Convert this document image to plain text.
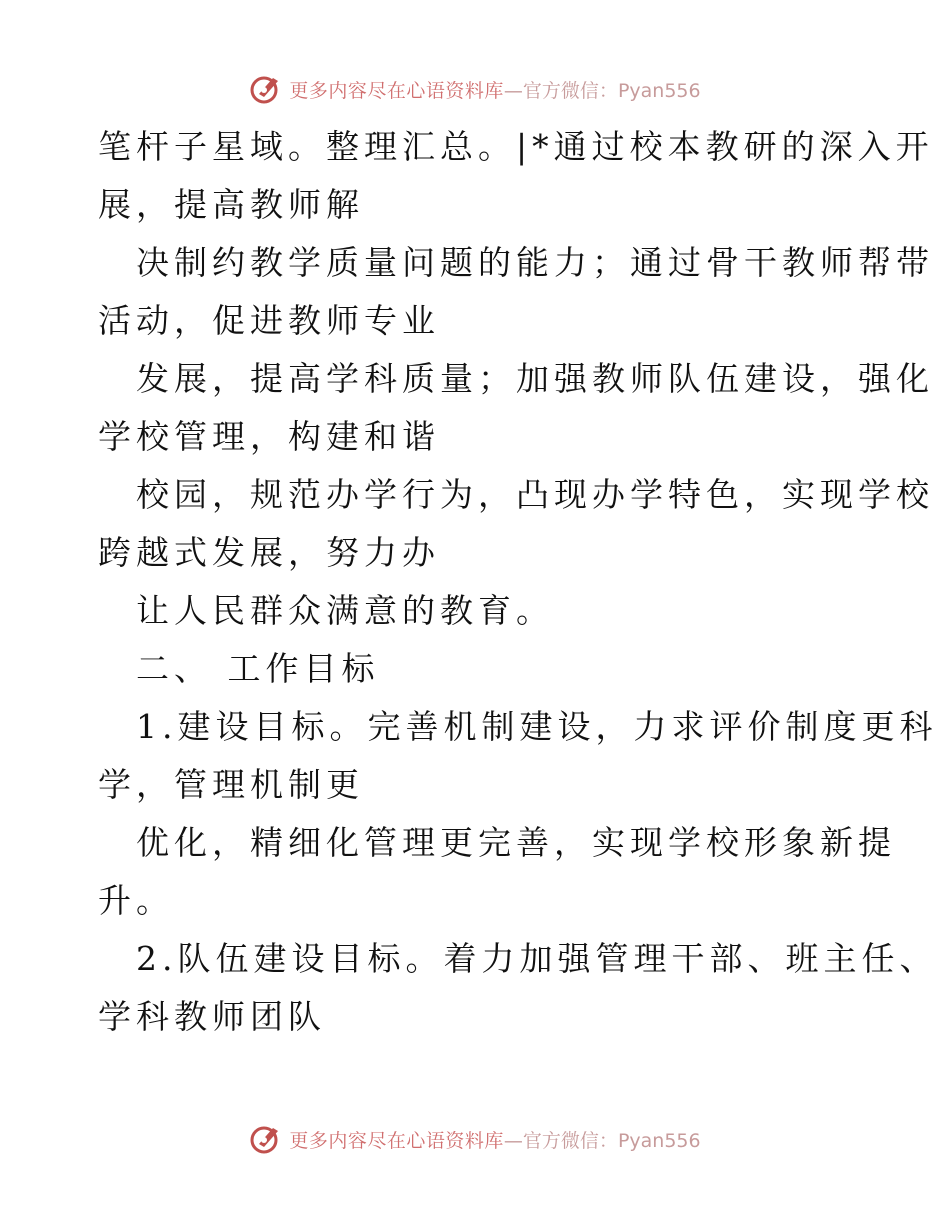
更多内容尽在心语资料库—官方微信：Pyan556
笔杆子星域。整理汇总。|*通过校本教研的深入开
展，提高教师解
决制约教学质量问题的能力；通过骨干教师帮带
活动，促进教师专业
发展，提高学科质量；加强教师队伍建设，强化
学校管理，构建和谐
校园，规范办学行为，凸现办学特色，实现学校
跨越式发展，努力办
让人民群众满意的教育。
二、 工作目标
1.建设目标。完善机制建设，力求评价制度更科
学，管理机制更
优化，精细化管理更完善，实现学校形象新提
升。
2.队伍建设目标。着力加强管理干部、班主任、
学科教师团队
更多内容尽在心语资料库—官方微信：Pyan556
